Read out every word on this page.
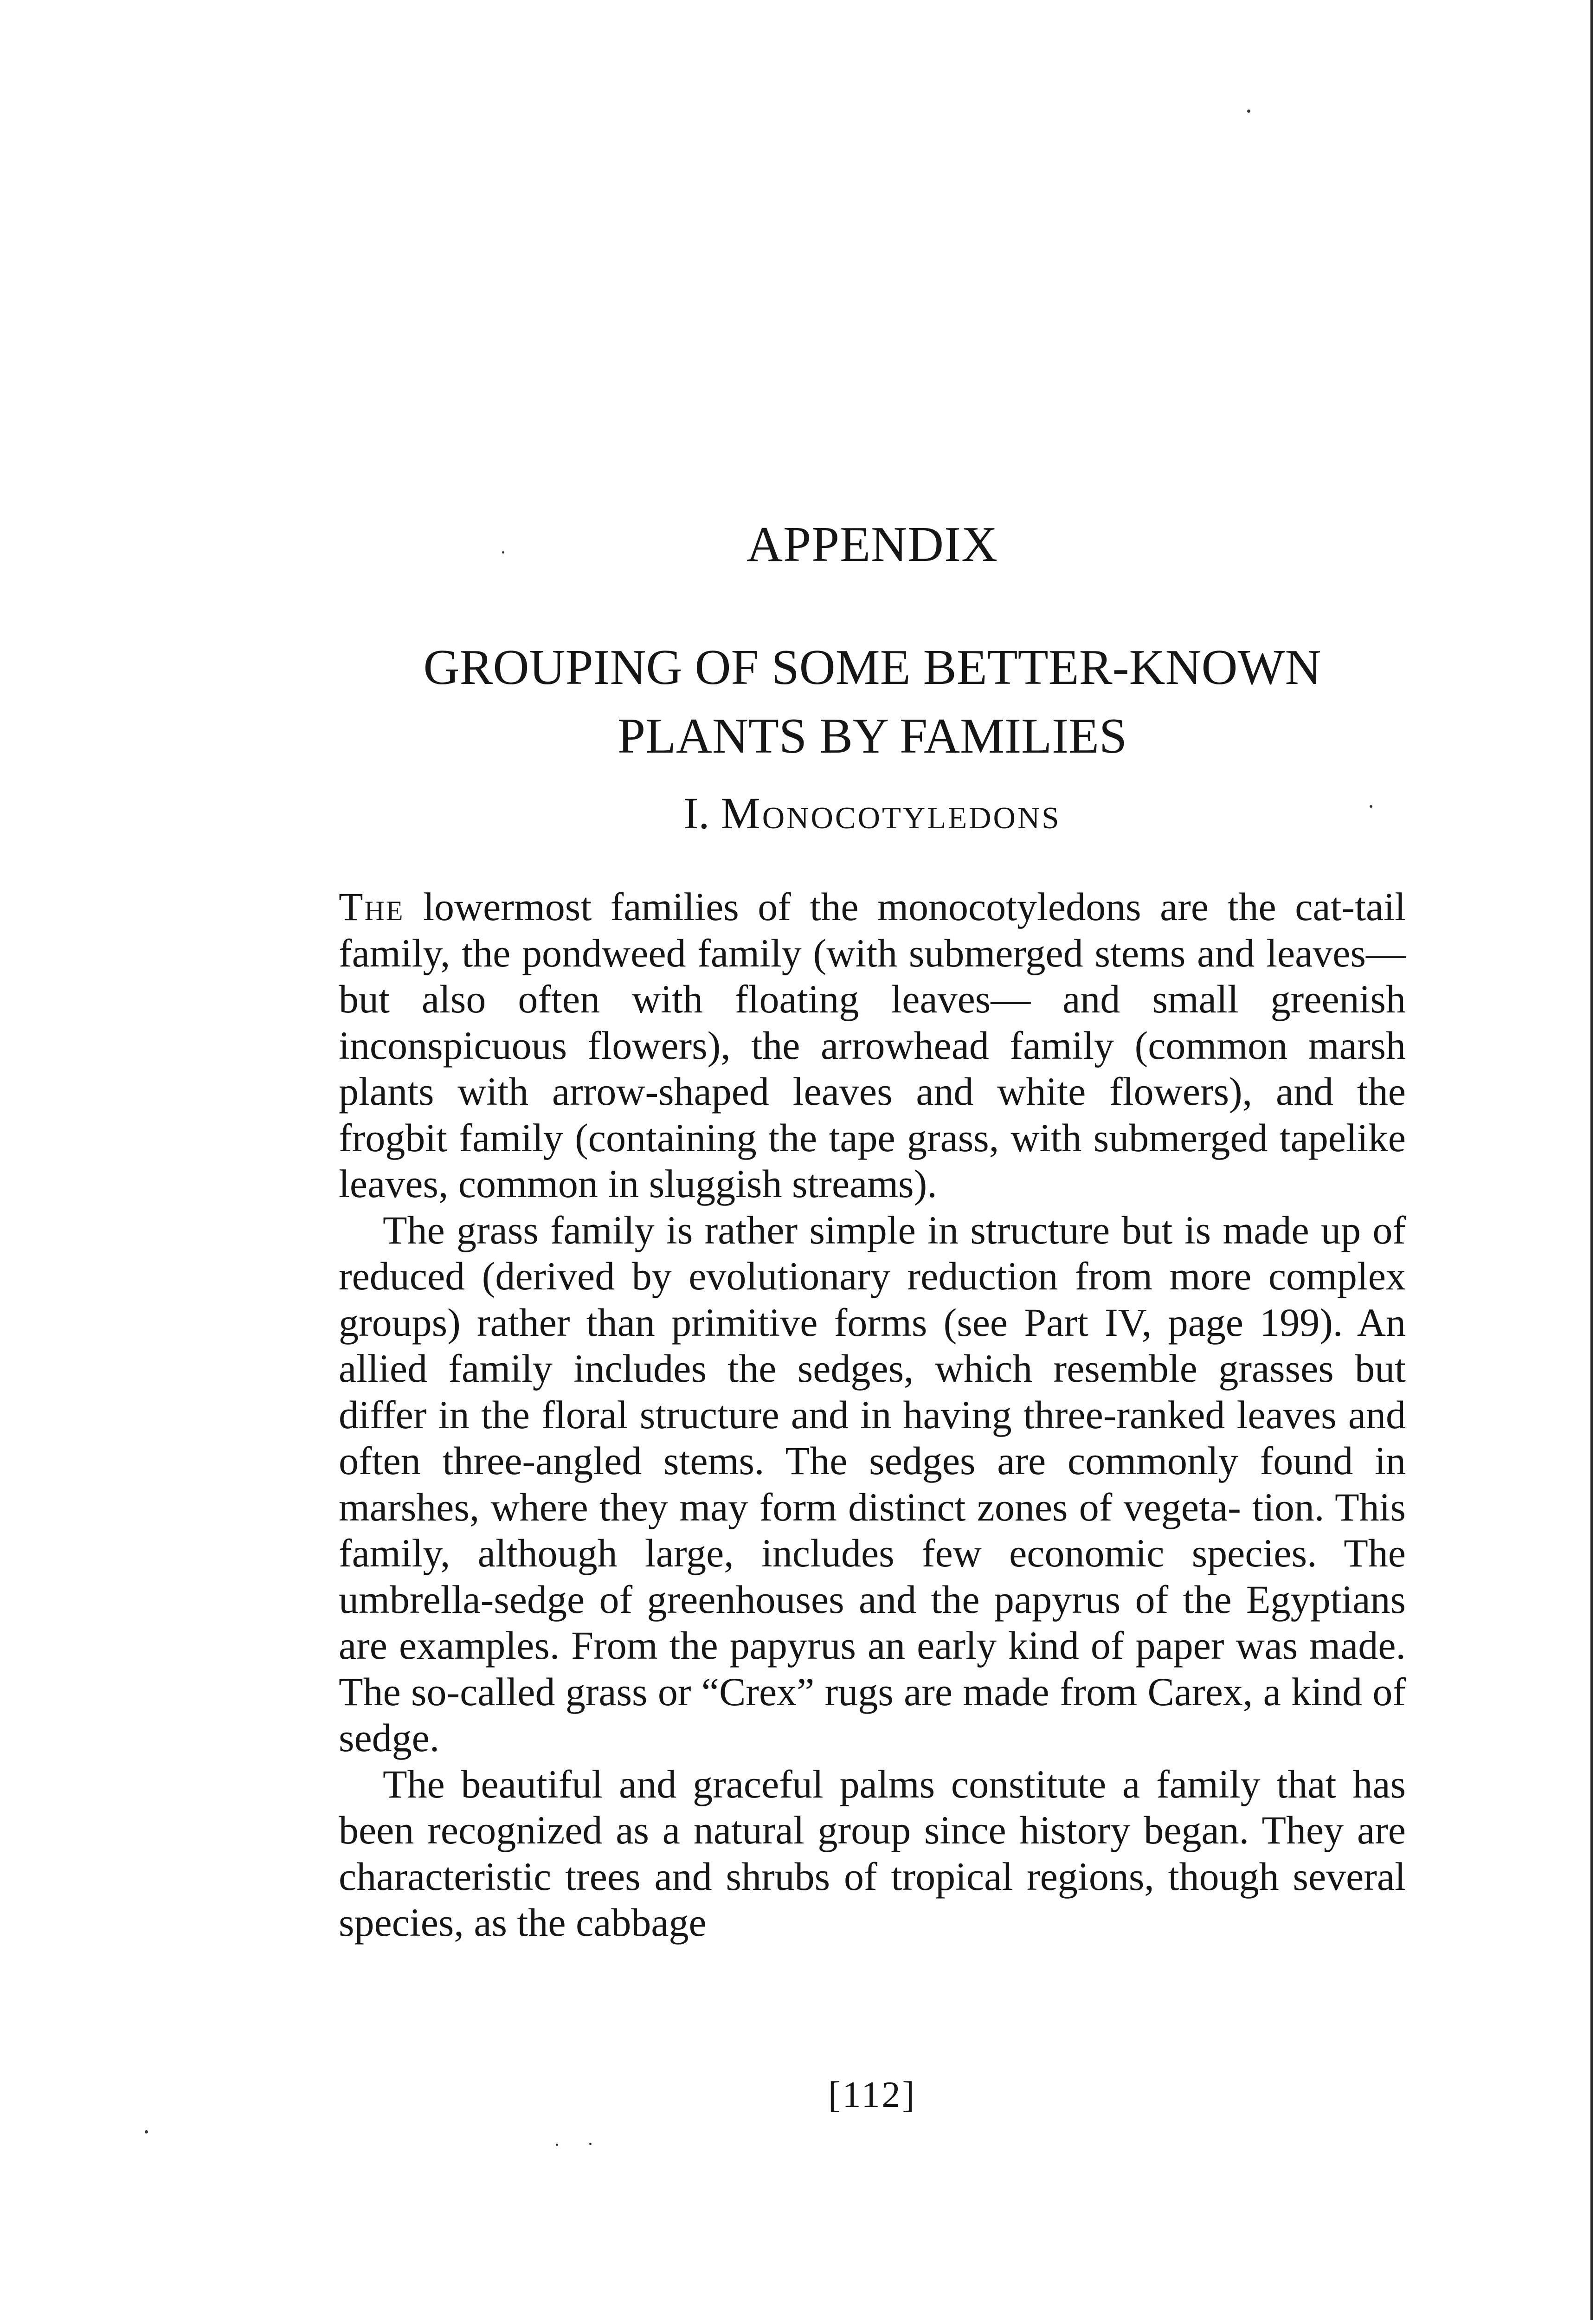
APPENDIX
GROUPING OF SOME BETTER-KNOWN
PLANTS BY FAMILIES
I. Monocotyledons

The lowermost families of the monocotyledons are the cat-tail family, the pondweed family (with submerged stems and leaves—but also often with floating leaves— and small greenish inconspicuous flowers), the arrowhead family (common marsh plants with arrow-shaped leaves and white flowers), and the frogbit family (containing the tape grass, with submerged tapelike leaves, common in sluggish streams).

The grass family is rather simple in structure but is made up of reduced (derived by evolutionary reduction from more complex groups) rather than primitive forms (see Part IV, page 199). An allied family includes the sedges, which resemble grasses but differ in the floral structure and in having three-ranked leaves and often three-angled stems. The sedges are commonly found in marshes, where they may form distinct zones of vegeta- tion. This family, although large, includes few economic species. The umbrella-sedge of greenhouses and the papyrus of the Egyptians are examples. From the papyrus an early kind of paper was made. The so-called grass or “Crex” rugs are made from Carex, a kind of sedge.

The beautiful and graceful palms constitute a family that has been recognized as a natural group since history began. They are characteristic trees and shrubs of tropical regions, though several species, as the cabbage

[112]
